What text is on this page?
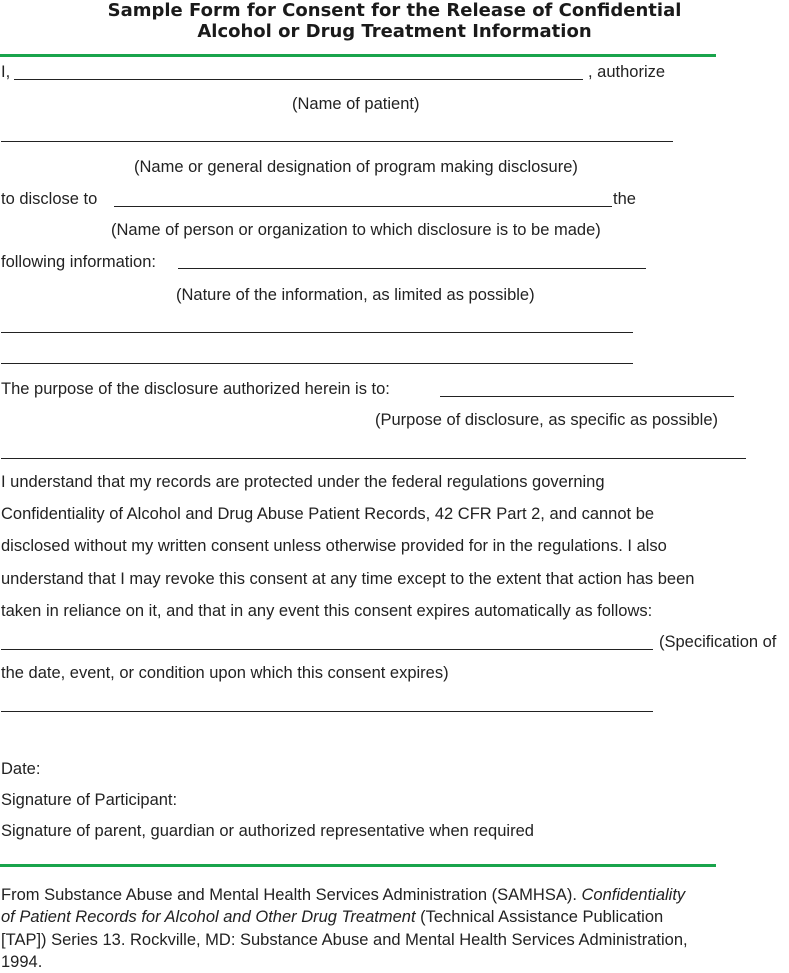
Sample Form for Consent for the Release of Confidential
Alcohol or Drug Treatment Information
I,	, authorize
(Name of patient)
(Name or general designation of program making disclosure)
to disclose to	the
(Name of person or organization to which disclosure is to be made)
following information:
(Nature of the information, as limited as possible)
The purpose of the disclosure authorized herein is to:
(Purpose of disclosure, as specific as possible)
I understand that my records are protected under the federal regulations governing
Confidentiality of Alcohol and Drug Abuse Patient Records, 42 CFR Part 2, and cannot be
disclosed without my written consent unless otherwise provided for in the regulations. I also
understand that I may revoke this consent at any time except to the extent that action has been
taken in reliance on it, and that in any event this consent expires automatically as follows:
(Specification of
the date, event, or condition upon which this consent expires)
Date:
Signature of Participant:
Signature of parent, guardian or authorized representative when required
From Substance Abuse and Mental Health Services Administration (SAMHSA). Confidentiality
of Patient Records for Alcohol and Other Drug Treatment (Technical Assistance Publication
[TAP]) Series 13. Rockville, MD: Substance Abuse and Mental Health Services Administration,
1994.
